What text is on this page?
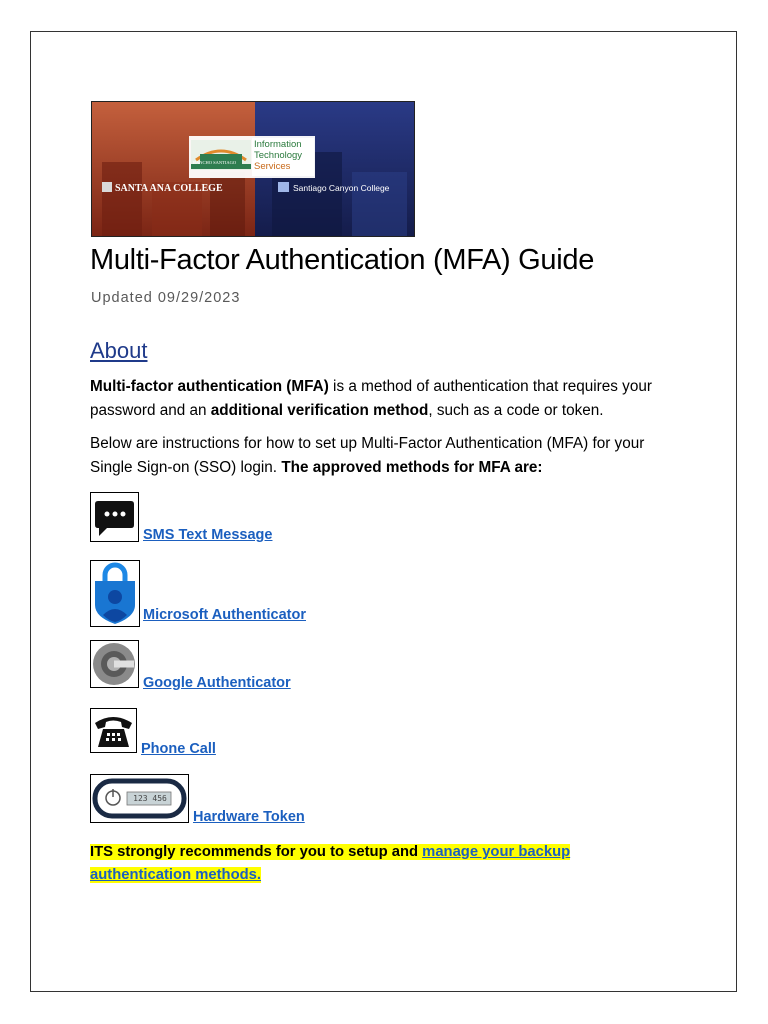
Information
Technology
Services
RANCHO SANTIAGO
SANTA ANA COLLEGE	Santiago Canyon College
Multi-Factor Authentication (MFA) Guide
Updated 09/29/2023
About
Multi-factor authentication (MFA) is a method of authentication that requires your password and an additional verification method, such as a code or token.
Below are instructions for how to set up Multi-Factor Authentication (MFA) for your Single Sign-on (SSO) login. The approved methods for MFA are:
SMS Text Message
Microsoft Authenticator
Google Authenticator
Phone Call
123 456
Hardware Token
ITS strongly recommends for you to setup and manage your backup authentication methods.
